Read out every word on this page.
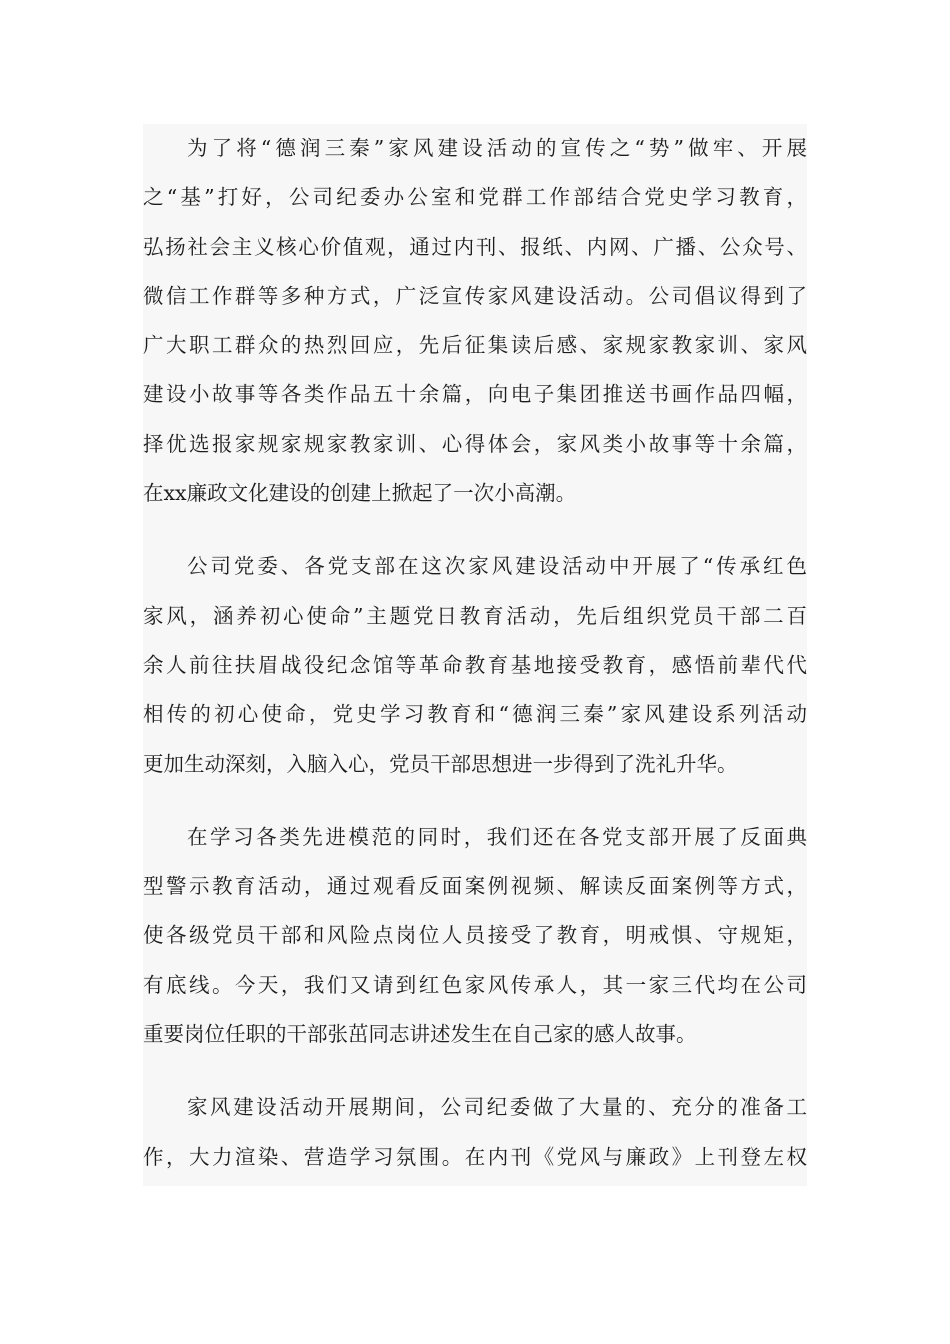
为了将“德润三秦”家风建设活动的宣传之“势”做牢、开展
之“基”打好，公司纪委办公室和党群工作部结合党史学习教育，
弘扬社会主义核心价值观，通过内刊、报纸、内网、广播、公众号、
微信工作群等多种方式，广泛宣传家风建设活动。公司倡议得到了
广大职工群众的热烈回应，先后征集读后感、家规家教家训、家风
建设小故事等各类作品五十余篇，向电子集团推送书画作品四幅，
择优选报家规家规家教家训、心得体会，家风类小故事等十余篇，
在xx廉政文化建设的创建上掀起了一次小高潮。
公司党委、各党支部在这次家风建设活动中开展了“传承红色
家风，涵养初心使命”主题党日教育活动，先后组织党员干部二百
余人前往扶眉战役纪念馆等革命教育基地接受教育，感悟前辈代代
相传的初心使命，党史学习教育和“德润三秦”家风建设系列活动
更加生动深刻，入脑入心，党员干部思想进一步得到了洗礼升华。
在学习各类先进模范的同时，我们还在各党支部开展了反面典
型警示教育活动，通过观看反面案例视频、解读反面案例等方式，
使各级党员干部和风险点岗位人员接受了教育，明戒惧、守规矩，
有底线。今天，我们又请到红色家风传承人，其一家三代均在公司
重要岗位任职的干部张茁同志讲述发生在自己家的感人故事。
家风建设活动开展期间，公司纪委做了大量的、充分的准备工
作，大力渲染、营造学习氛围。在内刊《党风与廉政》上刊登左权
